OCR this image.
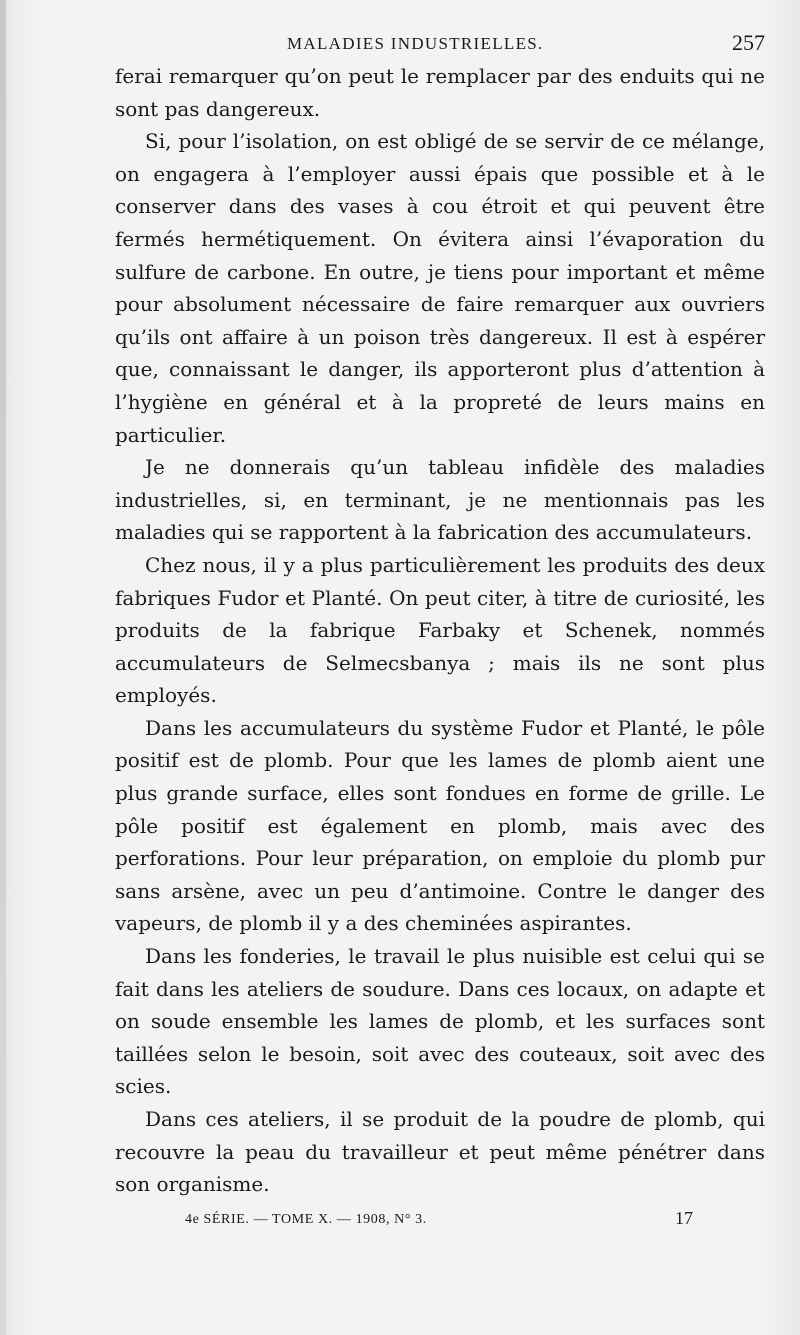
MALADIES INDUSTRIELLES.	257

ferai remarquer qu’on peut le remplacer par des enduits qui ne sont pas dangereux.

Si, pour l’isolation, on est obligé de se servir de ce mélange, on engagera à l’employer aussi épais que possible et à le conserver dans des vases à cou étroit et qui peuvent être fermés hermétiquement. On évitera ainsi l’évaporation du sulfure de carbone. En outre, je tiens pour important et même pour absolument nécessaire de faire remarquer aux ouvriers qu’ils ont affaire à un poison très dangereux. Il est à espérer que, connaissant le danger, ils apporteront plus d’attention à l’hygiène en général et à la propreté de leurs mains en particulier.

Je ne donnerais qu’un tableau infidèle des maladies industrielles, si, en terminant, je ne mentionnais pas les maladies qui se rapportent à la fabrication des accumulateurs.

Chez nous, il y a plus particulièrement les produits des deux fabriques Fudor et Planté. On peut citer, à titre de curiosité, les produits de la fabrique Farbaky et Schenek, nommés accumulateurs de Selmecsbanya ; mais ils ne sont plus employés.

Dans les accumulateurs du système Fudor et Planté, le pôle positif est de plomb. Pour que les lames de plomb aient une plus grande surface, elles sont fondues en forme de grille. Le pôle positif est également en plomb, mais avec des perforations. Pour leur préparation, on emploie du plomb pur sans arsène, avec un peu d’antimoine. Contre le danger des vapeurs, de plomb il y a des cheminées aspirantes.

Dans les fonderies, le travail le plus nuisible est celui qui se fait dans les ateliers de soudure. Dans ces locaux, on adapte et on soude ensemble les lames de plomb, et les surfaces sont taillées selon le besoin, soit avec des couteaux, soit avec des scies.

Dans ces ateliers, il se produit de la poudre de plomb, qui recouvre la peau du travailleur et peut même pénétrer dans son organisme.

4e SÉRIE. — TOME X. — 1908, N° 3.	17
